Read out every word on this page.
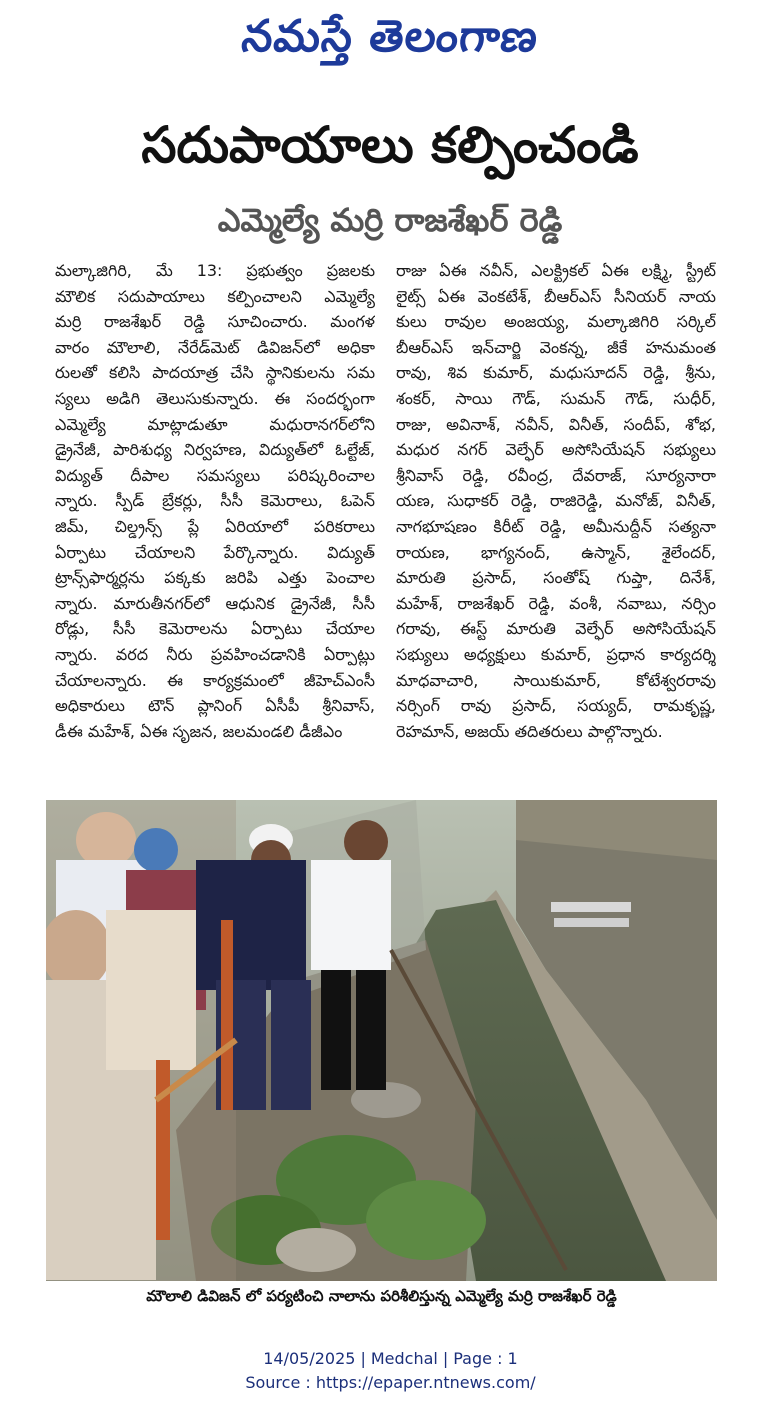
నమస్తే తెలంగాణ
సదుపాయాలు కల్పించండి
ఎమ్మెల్యే మర్రి రాజశేఖర్ రెడ్డి
మల్కాజిగిరి, మే 13: ప్రభుత్వం ప్రజలకు
మౌలిక సదుపాయాలు కల్పించాలని ఎమ్మెల్యే
మర్రి రాజశేఖర్ రెడ్డి సూచించారు. మంగళ
వారం మౌలాలి, నేరేడ్‌మెట్ డివిజన్‌లో అధికా
రులతో కలిసి పాదయాత్ర చేసి స్థానికులను సమ
స్యలు అడిగి తెలుసుకున్నారు. ఈ సందర్భంగా
ఎమ్మెల్యే మాట్లాడుతూ మధురానగర్‌లోని
డ్రైనేజీ, పారిశుధ్య నిర్వహణ, విద్యుత్‌లో ఓల్టేజ్,
విద్యుత్ దీపాల సమస్యలు పరిష్కరించాల
న్నారు. స్పీడ్ బ్రేకర్లు, సీసీ కెమెరాలు, ఓపెన్
జిమ్, చిల్డ్రన్స్ ప్లే ఏరియాలో పరికరాలు
ఏర్పాటు చేయాలని పేర్కొన్నారు. విద్యుత్
ట్రాన్స్‌ఫార్మర్లను పక్కకు జరిపి ఎత్తు పెంచాల
న్నారు. మారుతీనగర్‌లో ఆధునిక డ్రైనేజీ, సీసీ
రోడ్లు, సీసీ కెమెరాలను ఏర్పాటు చేయాల
న్నారు. వరద నీరు ప్రవహించడానికి ఏర్పాట్లు
చేయాలన్నారు. ఈ కార్యక్రమంలో జీహెచ్ఎంసీ
అధికారులు టౌన్ ప్లానింగ్ ఏసీపీ శ్రీనివాస్,
డీఈ మహేశ్, ఏఈ సృజన, జలమండలి డీజీఎం
రాజు ఏఈ నవీన్, ఎలక్ట్రికల్ ఏఈ లక్ష్మి, స్ట్రీట్
లైట్స్ ఏఈ వెంకటేశ్, బీఆర్ఎస్ సీనియర్ నాయ
కులు రావుల అంజయ్య, మల్కాజిగిరి సర్కిల్
బీఆర్ఎస్ ఇన్‌చార్జి వెంకన్న, జీకే హనుమంత
రావు, శివ కుమార్, మధుసూదన్ రెడ్డి, శ్రీను,
శంకర్, సాయి గౌడ్, సుమన్ గౌడ్, సుధీర్,
రాజు, అవినాశ్, నవీన్, వినీత్, సందీప్, శోభ,
మధుర నగర్ వెల్ఫేర్ అసోసియేషన్ సభ్యులు
శ్రీనివాస్ రెడ్డి, రవీంద్ర, దేవరాజ్, సూర్యనారా
యణ, సుధాకర్ రెడ్డి, రాజిరెడ్డి, మనోజ్, వినీత్,
నాగభూషణం కిరీట్ రెడ్డి, అమీనుద్దీన్ సత్యనా
రాయణ, భాగ్యనంద్, ఉస్మాన్, శైలేందర్,
మారుతి ప్రసాద్, సంతోష్ గుప్తా, దినేశ్,
మహేశ్, రాజశేఖర్ రెడ్డి, వంశీ, నవాబు, నర్సిం
గరావు, ఈస్ట్ మారుతి వెల్ఫేర్ అసోసియేషన్
సభ్యులు అధ్యక్షులు కుమార్, ప్రధాన కార్యదర్శి
మాధవాచారి, సాయికుమార్, కోటేశ్వరరావు
నర్సింగ్ రావు ప్రసాద్, సయ్యద్, రామకృష్ణ,
రెహమాన్, అజయ్ తదితరులు పాల్గొన్నారు.
మౌలాలి డివిజన్ లో పర్యటించి నాలాను పరిశీలిస్తున్న ఎమ్మెల్యే మర్రి రాజశేఖర్ రెడ్డి
14/05/2025 | Medchal | Page : 1
Source : https://epaper.ntnews.com/
